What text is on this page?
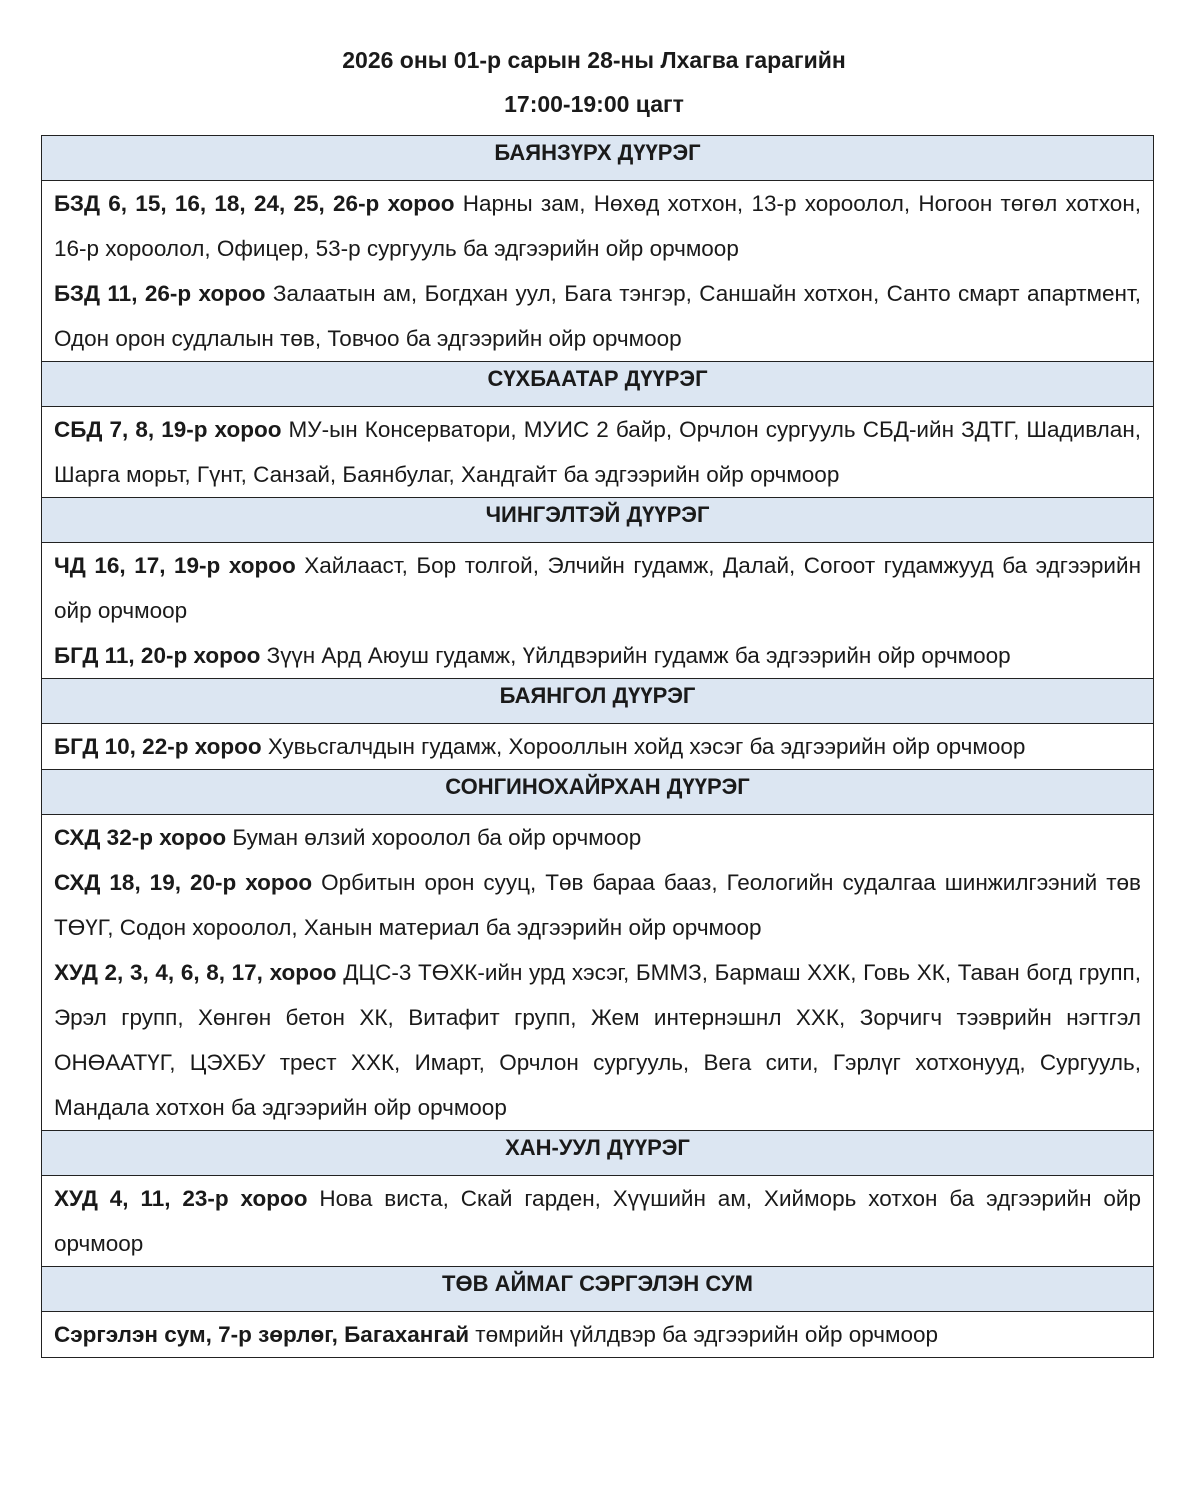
2026 оны 01-р сарын 28-ны Лхагва гарагийн
17:00-19:00 цагт
БАЯНЗҮРХ ДҮҮРЭГ

БЗД 6, 15, 16, 18, 24, 25, 26-р хороо Нарны зам, Нөхөд хотхон, 13-р хороолол, Ногоон төгөл хотхон, 16-р хороолол, Офицер, 53-р сургууль ба эдгээрийн ойр орчмоор

БЗД 11, 26-р хороо Залаатын ам, Богдхан уул, Бага тэнгэр, Саншайн хотхон, Санто смарт апартмент, Одон орон судлалын төв, Товчоо ба эдгээрийн ойр орчмоор

СҮХБААТАР ДҮҮРЭГ

СБД 7, 8, 19-р хороо МУ-ын Консерватори, МУИС 2 байр, Орчлон сургууль СБД-ийн ЗДТГ, Шадивлан, Шарга морьт, Гүнт, Санзай, Баянбулаг, Хандгайт ба эдгээрийн ойр орчмоор

ЧИНГЭЛТЭЙ ДҮҮРЭГ

ЧД 16, 17, 19-р хороо Хайлааст, Бор толгой, Элчийн гудамж, Далай, Согоот гудамжууд ба эдгээрийн ойр орчмоор

БГД 11, 20-р хороо Зүүн Ард Аюуш гудамж, Үйлдвэрийн гудамж ба эдгээрийн ойр орчмоор

БАЯНГОЛ ДҮҮРЭГ

БГД 10, 22-р хороо Хувьсгалчдын гудамж, Хорооллын хойд хэсэг ба эдгээрийн ойр орчмоор

СОНГИНОХАЙРХАН ДҮҮРЭГ

СХД 32-р хороо Буман өлзий хороолол ба ойр орчмоор

СХД 18, 19, 20-р хороо Орбитын орон сууц, Төв бараа бааз, Геологийн судалгаа шинжилгээний төв ТӨҮГ, Содон хороолол, Ханын материал ба эдгээрийн ойр орчмоор

ХУД 2, 3, 4, 6, 8, 17, хороо ДЦС-3 ТӨХК-ийн урд хэсэг, БММЗ, Бармаш ХХК, Говь ХК, Таван богд групп, Эрэл групп, Хөнгөн бетон ХК, Витафит групп, Жем интернэшнл ХХК, Зорчигч тээврийн нэгтгэл ОНӨААТҮГ, ЦЭХБУ трест ХХК, Имарт, Орчлон сургууль, Вега сити, Гэрлүг хотхонууд, Сургууль, Мандала хотхон ба эдгээрийн ойр орчмоор

ХАН-УУЛ ДҮҮРЭГ

ХУД 4, 11, 23-р хороо Нова виста, Скай гарден, Хүүшийн ам, Хийморь хотхон ба эдгээрийн ойр орчмоор

ТӨВ АЙМАГ СЭРГЭЛЭН СУМ

Сэргэлэн сум, 7-р зөрлөг, Багахангай төмрийн үйлдвэр ба эдгээрийн ойр орчмоор
